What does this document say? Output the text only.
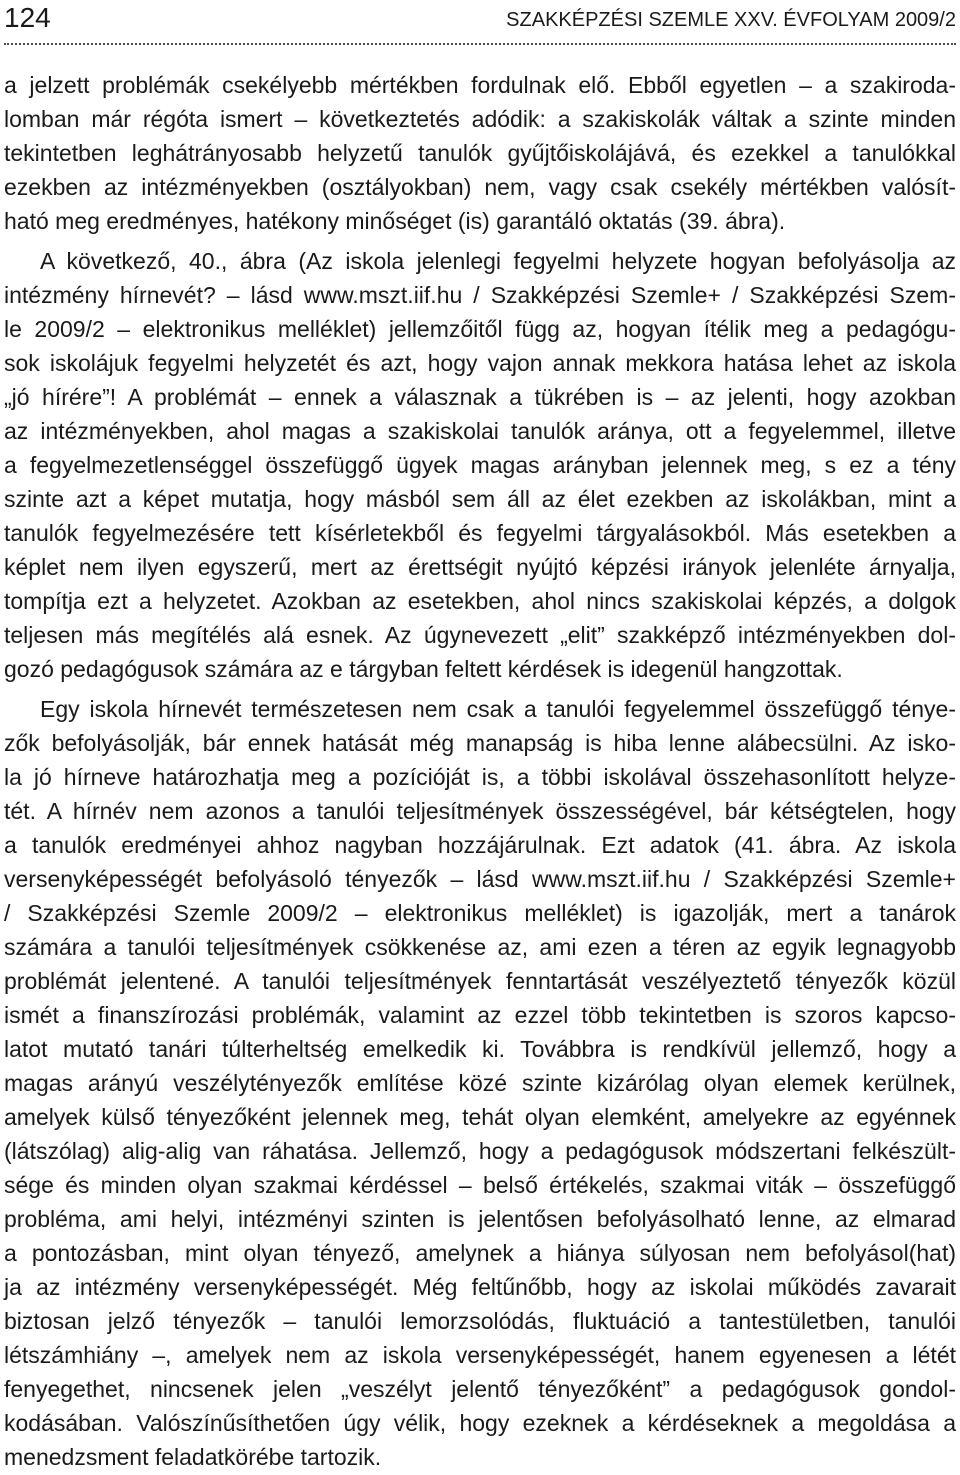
124	SZAKKÉPZÉSI SZEMLE XXV. ÉVFOLYAM 2009/2
a jelzett problémák csekélyebb mértékben fordulnak elő. Ebből egyetlen – a szakiroda-
lomban már régóta ismert – következtetés adódik: a szakiskolák váltak a szinte minden
tekintetben leghátrányosabb helyzetű tanulók gyűjtőiskolájává, és ezekkel a tanulókkal
ezekben az intézményekben (osztályokban) nem, vagy csak csekély mértékben valósít-
ható meg eredményes, hatékony minőséget (is) garantáló oktatás (39. ábra).
A következő, 40., ábra (Az iskola jelenlegi fegyelmi helyzete hogyan befolyásolja az
intézmény hírnevét? – lásd www.mszt.iif.hu / Szakképzési Szemle+ / Szakképzési Szem-
le 2009/2 – elektronikus melléklet) jellemzőitől függ az, hogyan ítélik meg a pedagógu-
sok iskolájuk fegyelmi helyzetét és azt, hogy vajon annak mekkora hatása lehet az iskola
„jó hírére”! A problémát – ennek a válasznak a tükrében is – az jelenti, hogy azokban
az intézményekben, ahol magas a szakiskolai tanulók aránya, ott a fegyelemmel, illetve
a fegyelmezetlenséggel összefüggő ügyek magas arányban jelennek meg, s ez a tény
szinte azt a képet mutatja, hogy másból sem áll az élet ezekben az iskolákban, mint a
tanulók fegyelmezésére tett kísérletekből és fegyelmi tárgyalásokból. Más esetekben a
képlet nem ilyen egyszerű, mert az érettségit nyújtó képzési irányok jelenléte árnyalja,
tompítja ezt a helyzetet. Azokban az esetekben, ahol nincs szakiskolai képzés, a dolgok
teljesen más megítélés alá esnek. Az úgynevezett „elit” szakképző intézményekben dol-
gozó pedagógusok számára az e tárgyban feltett kérdések is idegenül hangzottak.
Egy iskola hírnevét természetesen nem csak a tanulói fegyelemmel összefüggő ténye-
zők befolyásolják, bár ennek hatását még manapság is hiba lenne alábecsülni. Az isko-
la jó hírneve határozhatja meg a pozícióját is, a többi iskolával összehasonlított helyze-
tét. A hírnév nem azonos a tanulói teljesítmények összességével, bár kétségtelen, hogy
a tanulók eredményei ahhoz nagyban hozzájárulnak. Ezt adatok (41. ábra. Az iskola
versenyképességét befolyásoló tényezők – lásd www.mszt.iif.hu / Szakképzési Szemle+
/ Szakképzési Szemle 2009/2 – elektronikus melléklet) is igazolják, mert a tanárok
számára a tanulói teljesítmények csökkenése az, ami ezen a téren az egyik legnagyobb
problémát jelentené. A tanulói teljesítmények fenntartását veszélyeztető tényezők közül
ismét a finanszírozási problémák, valamint az ezzel több tekintetben is szoros kapcso-
latot mutató tanári túlterheltség emelkedik ki. Továbbra is rendkívül jellemző, hogy a
magas arányú veszélytényezők említése közé szinte kizárólag olyan elemek kerülnek,
amelyek külső tényezőként jelennek meg, tehát olyan elemként, amelyekre az egyénnek
(látszólag) alig-alig van ráhatása. Jellemző, hogy a pedagógusok módszertani felkészült-
sége és minden olyan szakmai kérdéssel – belső értékelés, szakmai viták – összefüggő
probléma, ami helyi, intézményi szinten is jelentősen befolyásolható lenne, az elmarad
a pontozásban, mint olyan tényező, amelynek a hiánya súlyosan nem befolyásol(hat)
ja az intézmény versenyképességét. Még feltűnőbb, hogy az iskolai működés zavarait
biztosan jelző tényezők – tanulói lemorzsolódás, fluktuáció a tantestületben, tanulói
létszámhiány –, amelyek nem az iskola versenyképességét, hanem egyenesen a létét
fenyegethet, nincsenek jelen „veszélyt jelentő tényezőként” a pedagógusok gondol-
kodásában. Valószínűsíthetően úgy vélik, hogy ezeknek a kérdéseknek a megoldása a
menedzsment feladatkörébe tartozik.
